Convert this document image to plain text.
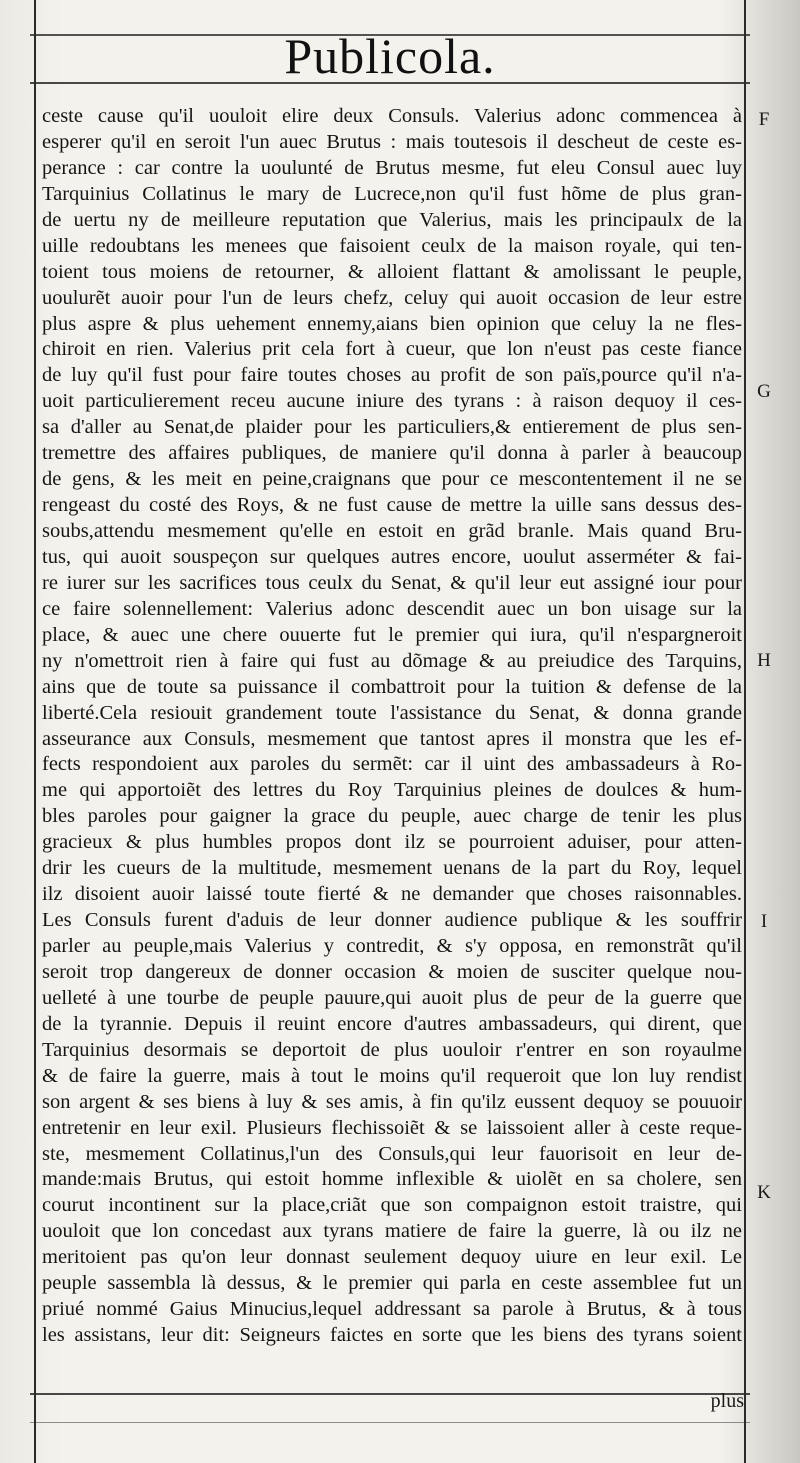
Publicola.
ceste cause qu'il uouloit elire deux Consuls. Valerius adonc commencea à
esperer qu'il en seroit l'un auec Brutus : mais toutesois il descheut de ceste es-
perance : car contre la uoulunté de Brutus mesme, fut eleu Consul auec luy
Tarquinius Collatinus le mary de Lucrece,non qu'il fust hõme de plus gran-
de uertu ny de meilleure reputation que Valerius, mais les principaulx de la
uille redoubtans les menees que faisoient ceulx de la maison royale, qui ten-
toient tous moiens de retourner, & alloient flattant & amolissant le peuple,
uoulurẽt auoir pour l'un de leurs chefz, celuy qui auoit occasion de leur estre
plus aspre & plus uehement ennemy,aians bien opinion que celuy la ne fles-
chiroit en rien. Valerius prit cela fort à cueur, que lon n'eust pas ceste fiance
de luy qu'il fust pour faire toutes choses au profit de son païs,pource qu'il n'a-
uoit particulierement receu aucune iniure des tyrans : à raison dequoy il ces-
sa d'aller au Senat,de plaider pour les particuliers,& entierement de plus sen-
tremettre des affaires publiques, de maniere qu'il donna à parler à beaucoup
de gens, & les meit en peine,craignans que pour ce mescontentement il ne se
rengeast du costé des Roys, & ne fust cause de mettre la uille sans dessus des-
soubs,attendu mesmement qu'elle en estoit en grãd branle. Mais quand Bru-
tus, qui auoit souspeçon sur quelques autres encore, uoulut asserméter & fai-
re iurer sur les sacrifices tous ceulx du Senat, & qu'il leur eut assigné iour pour
ce faire solennellement: Valerius adonc descendit auec un bon uisage sur la
place, & auec une chere ouuerte fut le premier qui iura, qu'il n'espargneroit
ny n'omettroit rien à faire qui fust au dõmage & au preiudice des Tarquins,
ains que de toute sa puissance il combattroit pour la tuition & defense de la
liberté.Cela resiouit grandement toute l'assistance du Senat, & donna grande
asseurance aux Consuls, mesmement que tantost apres il monstra que les ef-
fects respondoient aux paroles du sermẽt: car il uint des ambassadeurs à Ro-
me qui apportoiẽt des lettres du Roy Tarquinius pleines de doulces & hum-
bles paroles pour gaigner la grace du peuple, auec charge de tenir les plus
gracieux & plus humbles propos dont ilz se pourroient aduiser, pour atten-
drir les cueurs de la multitude, mesmement uenans de la part du Roy, lequel
ilz disoient auoir laissé toute fierté & ne demander que choses raisonnables.
Les Consuls furent d'aduis de leur donner audience publique & les souffrir
parler au peuple,mais Valerius y contredit, & s'y opposa, en remonstrãt qu'il
seroit trop dangereux de donner occasion & moien de susciter quelque nou-
uelleté à une tourbe de peuple pauure,qui auoit plus de peur de la guerre que
de la tyrannie. Depuis il reuint encore d'autres ambassadeurs, qui dirent, que
Tarquinius desormais se deportoit de plus uouloir r'entrer en son royaulme
& de faire la guerre, mais à tout le moins qu'il requeroit que lon luy rendist
son argent & ses biens à luy & ses amis, à fin qu'ilz eussent dequoy se pouuoir
entretenir en leur exil. Plusieurs flechissoiẽt & se laissoient aller à ceste reque-
ste, mesmement Collatinus,l'un des Consuls,qui leur fauorisoit en leur de-
mande:mais Brutus, qui estoit homme inflexible & uiolẽt en sa cholere, sen
courut incontinent sur la place,criãt que son compaignon estoit traistre, qui
uouloit que lon concedast aux tyrans matiere de faire la guerre, là ou ilz ne
meritoient pas qu'on leur donnast seulement dequoy uiure en leur exil. Le
peuple sassembla là dessus, & le premier qui parla en ceste assemblee fut un
priué nommé Gaius Minucius,lequel addressant sa parole à Brutus, & à tous
les assistans, leur dit: Seigneurs faictes en sorte que les biens des tyrans soient
plus
F
G
H
I
K
